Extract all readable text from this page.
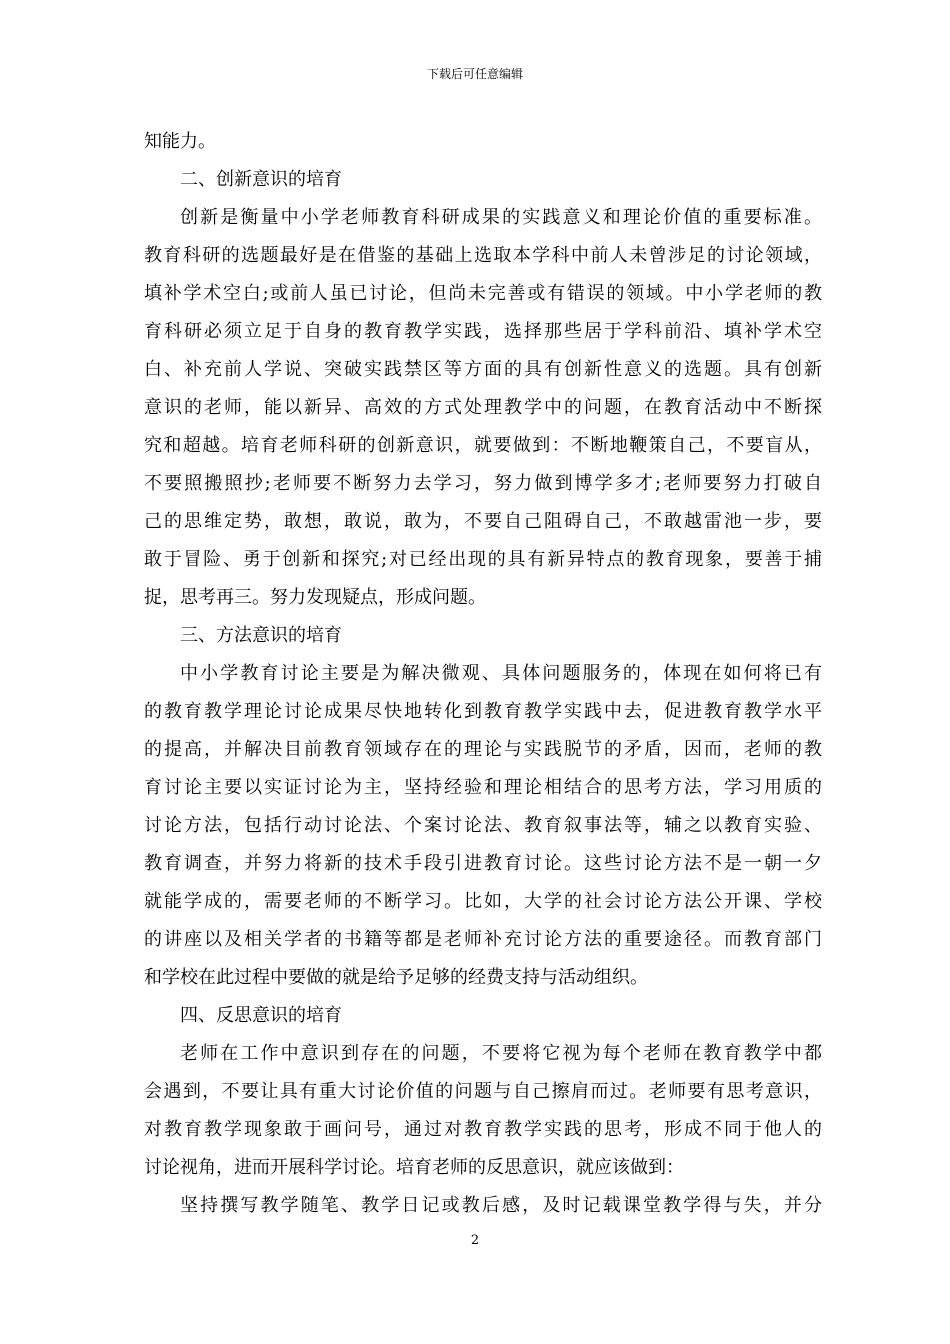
下载后可任意编辑
知能力。
二、创新意识的培育
创新是衡量中小学老师教育科研成果的实践意义和理论价值的重要标准。
教育科研的选题最好是在借鉴的基础上选取本学科中前人未曾涉足的讨论领域，
填补学术空白;或前人虽已讨论，但尚未完善或有错误的领域。中小学老师的教
育科研必须立足于自身的教育教学实践，选择那些居于学科前沿、填补学术空
白、补充前人学说、突破实践禁区等方面的具有创新性意义的选题。具有创新
意识的老师，能以新异、高效的方式处理教学中的问题，在教育活动中不断探
究和超越。培育老师科研的创新意识，就要做到：不断地鞭策自己，不要盲从，
不要照搬照抄;老师要不断努力去学习，努力做到博学多才;老师要努力打破自
己的思维定势，敢想，敢说，敢为，不要自己阻碍自己，不敢越雷池一步，要
敢于冒险、勇于创新和探究;对已经出现的具有新异特点的教育现象，要善于捕
捉，思考再三。努力发现疑点，形成问题。
三、方法意识的培育
中小学教育讨论主要是为解决微观、具体问题服务的，体现在如何将已有
的教育教学理论讨论成果尽快地转化到教育教学实践中去，促进教育教学水平
的提高，并解决目前教育领域存在的理论与实践脱节的矛盾，因而，老师的教
育讨论主要以实证讨论为主，坚持经验和理论相结合的思考方法，学习用质的
讨论方法，包括行动讨论法、个案讨论法、教育叙事法等，辅之以教育实验、
教育调查，并努力将新的技术手段引进教育讨论。这些讨论方法不是一朝一夕
就能学成的，需要老师的不断学习。比如，大学的社会讨论方法公开课、学校
的讲座以及相关学者的书籍等都是老师补充讨论方法的重要途径。而教育部门
和学校在此过程中要做的就是给予足够的经费支持与活动组织。
四、反思意识的培育
老师在工作中意识到存在的问题，不要将它视为每个老师在教育教学中都
会遇到，不要让具有重大讨论价值的问题与自己擦肩而过。老师要有思考意识，
对教育教学现象敢于画问号，通过对教育教学实践的思考，形成不同于他人的
讨论视角，进而开展科学讨论。培育老师的反思意识，就应该做到：
坚持撰写教学随笔、教学日记或教后感，及时记载课堂教学得与失，并分
2
